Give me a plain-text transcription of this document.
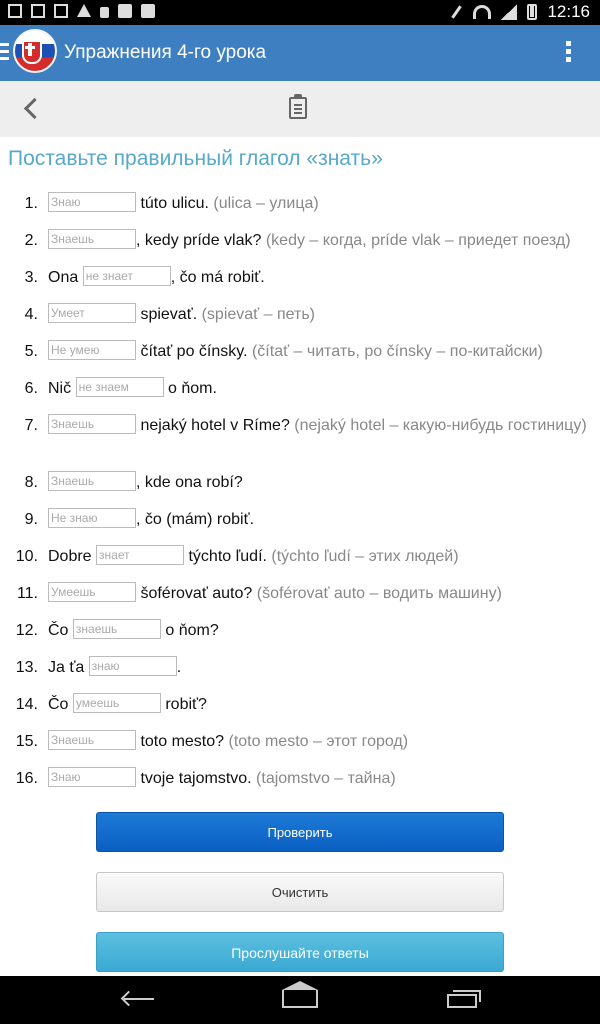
12:16
Упражнения 4-го урока
Поставьте правильный глагол «знать»
1. Знаю	túto ulicu. (ulica – улица)
2. Знаешь	, kedy príde vlak? (kedy – когда, príde vlak – приедет поезд)
3. Ona не знает , čo má robiť.
4. Умеет	spievať. (spievať – петь)
5. Не умею čítať po čínsky. (čítať – читать, po čínsky – по-китайски)
6. Nič не знаем o ňom.
7. Знаешь	nejaký hotel v Ríme? (nejaký hotel – какую-нибудь гостиницу)
8. Знаешь	, kde ona robí?
9. Не знаю , čo (mám) robiť.
10. Dobre знает	týchto ľudí. (týchto ľudí – этих людей)
11. Умеешь	šoférovať auto? (šoférovať auto – водить машину)
12. Čo знаешь	o ňom?
13. Ja ťa знаю	.
14. Čo умеешь	robiť?
15. Знаешь	toto mesto? (toto mesto – этот город)
16. Знаю	tvoje tajomstvo. (tajomstvo – тайна)
Проверить
Очистить
Прослушайте ответы
